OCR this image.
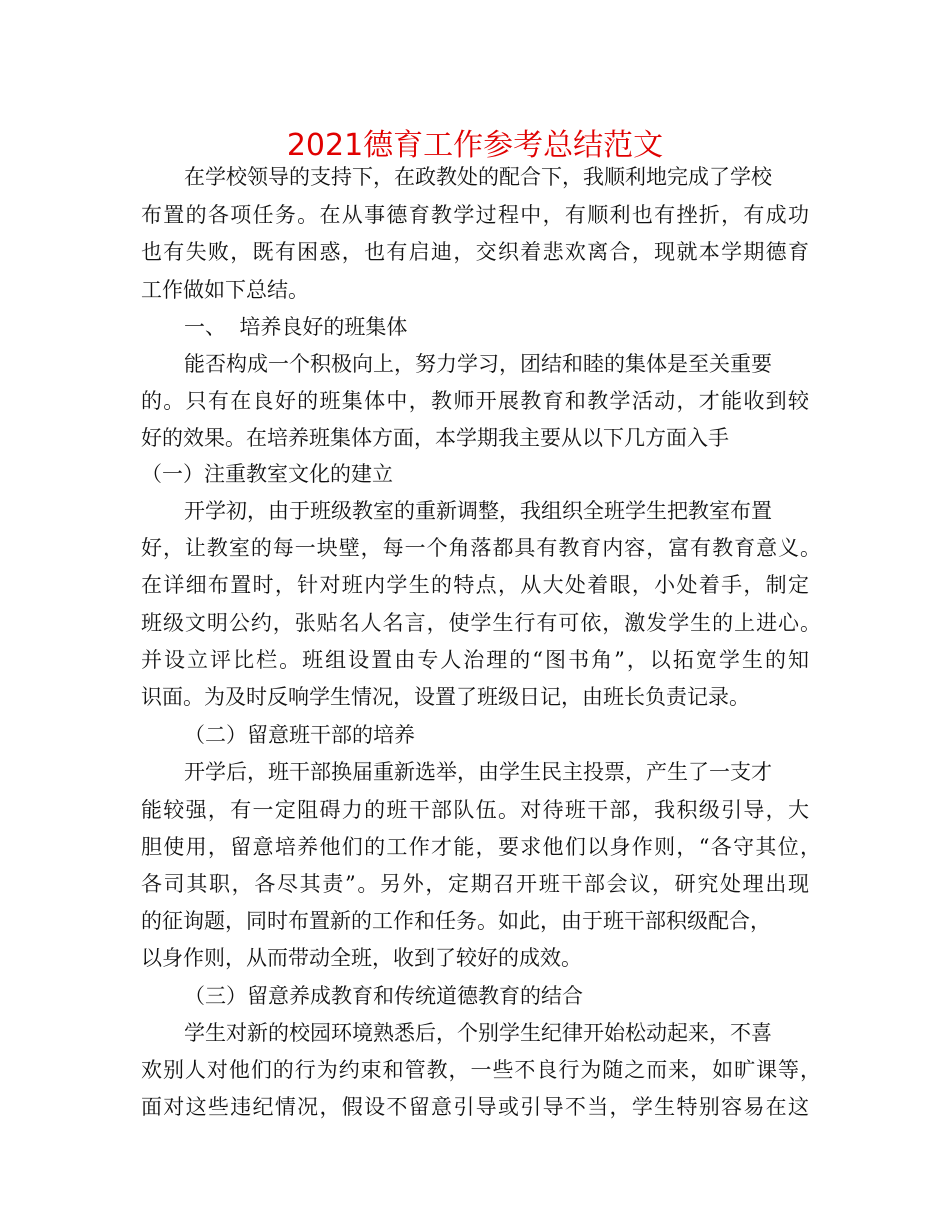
2021德育工作参考总结范文
在学校领导的支持下，在政教处的配合下，我顺利地完成了学校
布置的各项任务。在从事德育教学过程中，有顺利也有挫折，有成功
也有失败，既有困惑，也有启迪，交织着悲欢离合，现就本学期德育
工作做如下总结。
一、  培养良好的班集体
能否构成一个积极向上，努力学习，团结和睦的集体是至关重要
的。只有在良好的班集体中，教师开展教育和教学活动，才能收到较
好的效果。在培养班集体方面，本学期我主要从以下几方面入手
（一）注重教室文化的建立
开学初，由于班级教室的重新调整，我组织全班学生把教室布置
好，让教室的每一块壁，每一个角落都具有教育内容，富有教育意义。
在详细布置时，针对班内学生的特点，从大处着眼，小处着手，制定
班级文明公约，张贴名人名言，使学生行有可依，激发学生的上进心。
并设立评比栏。班组设置由专人治理的“图书角”，以拓宽学生的知
识面。为及时反响学生情况，设置了班级日记，由班长负责记录。
（二）留意班干部的培养
开学后，班干部换届重新选举，由学生民主投票，产生了一支才
能较强，有一定阻碍力的班干部队伍。对待班干部，我积级引导，大
胆使用，留意培养他们的工作才能，要求他们以身作则，“各守其位，
各司其职，各尽其责”。另外，定期召开班干部会议，研究处理出现
的征询题，同时布置新的工作和任务。如此，由于班干部积级配合，
以身作则，从而带动全班，收到了较好的成效。
（三）留意养成教育和传统道德教育的结合
学生对新的校园环境熟悉后，个别学生纪律开始松动起来，不喜
欢别人对他们的行为约束和管教，一些不良行为随之而来，如旷课等，
面对这些违纪情况，假设不留意引导或引导不当，学生特别容易在这
